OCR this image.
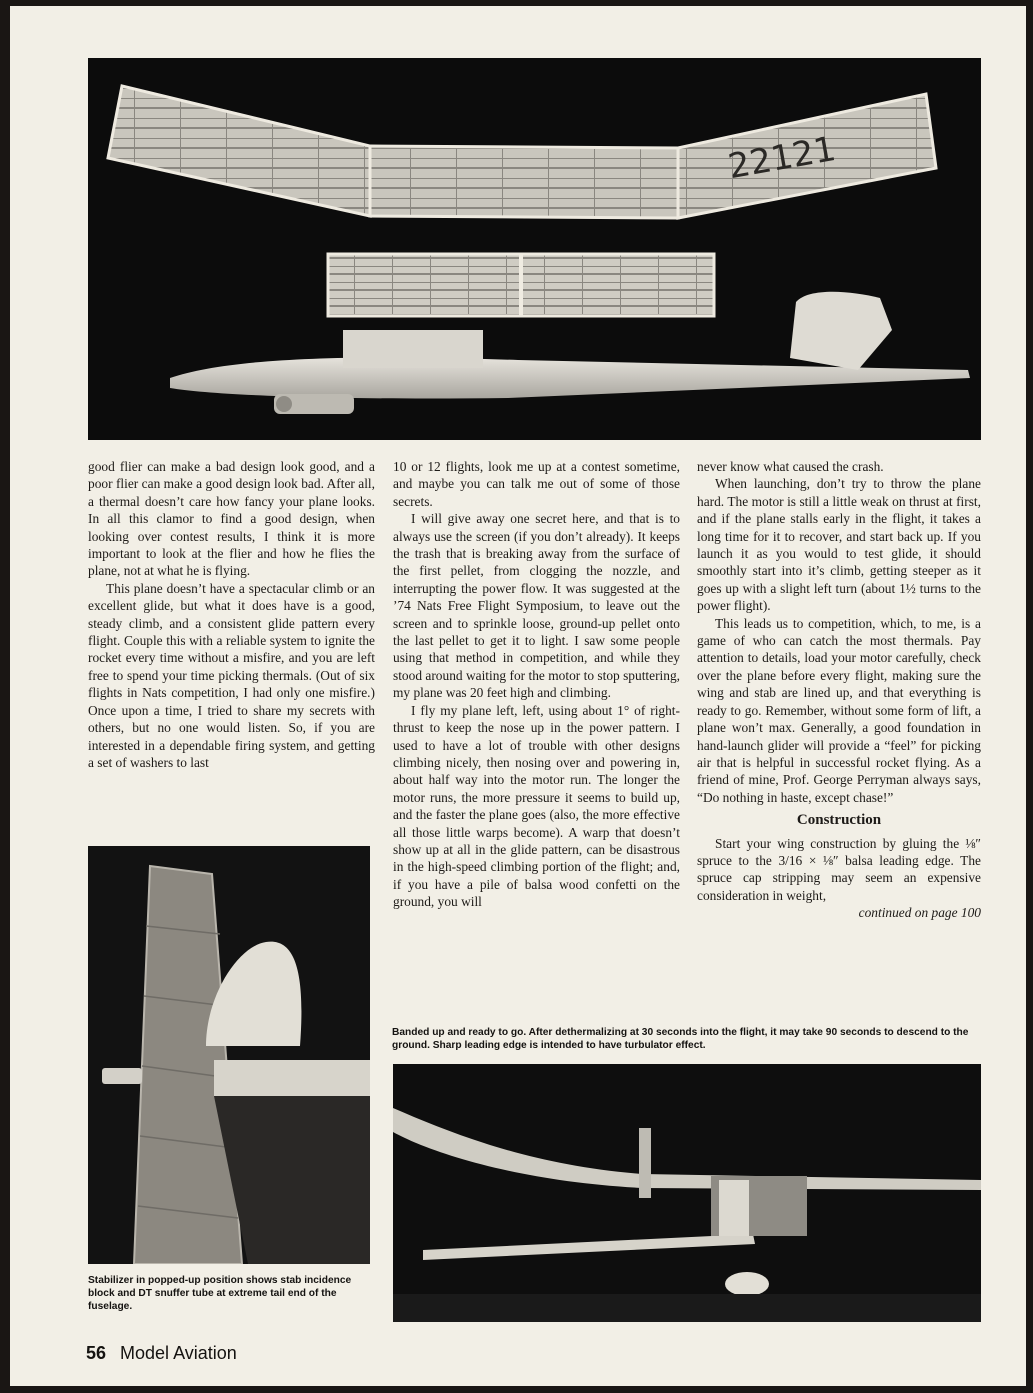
22121

good flier can make a bad design look good, and a poor flier can make a good design look bad. After all, a thermal doesn’t care how fancy your plane looks. In all this clamor to find a good design, when looking over contest results, I think it is more important to look at the flier and how he flies the plane, not at what he is flying.

This plane doesn’t have a spectacular climb or an excellent glide, but what it does have is a good, steady climb, and a consistent glide pattern every flight. Couple this with a reliable system to ignite the rocket every time without a misfire, and you are left free to spend your time picking thermals. (Out of six flights in Nats competition, I had only one misfire.) Once upon a time, I tried to share my secrets with others, but no one would listen. So, if you are interested in a dependable firing system, and getting a set of washers to last

10 or 12 flights, look me up at a contest sometime, and maybe you can talk me out of some of those secrets.

I will give away one secret here, and that is to always use the screen (if you don’t already). It keeps the trash that is breaking away from the surface of the first pellet, from clogging the nozzle, and interrupting the power flow. It was suggested at the ’74 Nats Free Flight Symposium, to leave out the screen and to sprinkle loose, ground-up pellet onto the last pellet to get it to light. I saw some people using that method in competition, and while they stood around waiting for the motor to stop sputtering, my plane was 20 feet high and climbing.

I fly my plane left, left, using about 1° of right-thrust to keep the nose up in the power pattern. I used to have a lot of trouble with other designs climbing nicely, then nosing over and powering in, about half way into the motor run. The longer the motor runs, the more pressure it seems to build up, and the faster the plane goes (also, the more effective all those little warps become). A warp that doesn’t show up at all in the glide pattern, can be disastrous in the high-speed climbing portion of the flight; and, if you have a pile of balsa wood confetti on the ground, you will

never know what caused the crash.

When launching, don’t try to throw the plane hard. The motor is still a little weak on thrust at first, and if the plane stalls early in the flight, it takes a long time for it to recover, and start back up. If you launch it as you would to test glide, it should smoothly start into it’s climb, getting steeper as it goes up with a slight left turn (about 1½ turns to the power flight).

This leads us to competition, which, to me, is a game of who can catch the most thermals. Pay attention to details, load your motor carefully, check over the plane before every flight, making sure the wing and stab are lined up, and that everything is ready to go. Remember, without some form of lift, a plane won’t max. Generally, a good foundation in hand-launch glider will provide a “feel” for picking air that is helpful in successful rocket flying. As a friend of mine, Prof. George Perryman always says, “Do nothing in haste, except chase!”

Construction

Start your wing construction by gluing the ⅛″ spruce to the 3/16 × ⅛″ balsa leading edge. The spruce cap stripping may seem an expensive consideration in weight,

continued on page 100

Banded up and ready to go. After dethermalizing at 30 seconds into the flight, it may take 90 seconds to descend to the ground. Sharp leading edge is intended to have turbulator effect.
Stabilizer in popped-up position shows stab incidence block and DT snuffer tube at extreme tail end of the fuselage.
56 Model Aviation
